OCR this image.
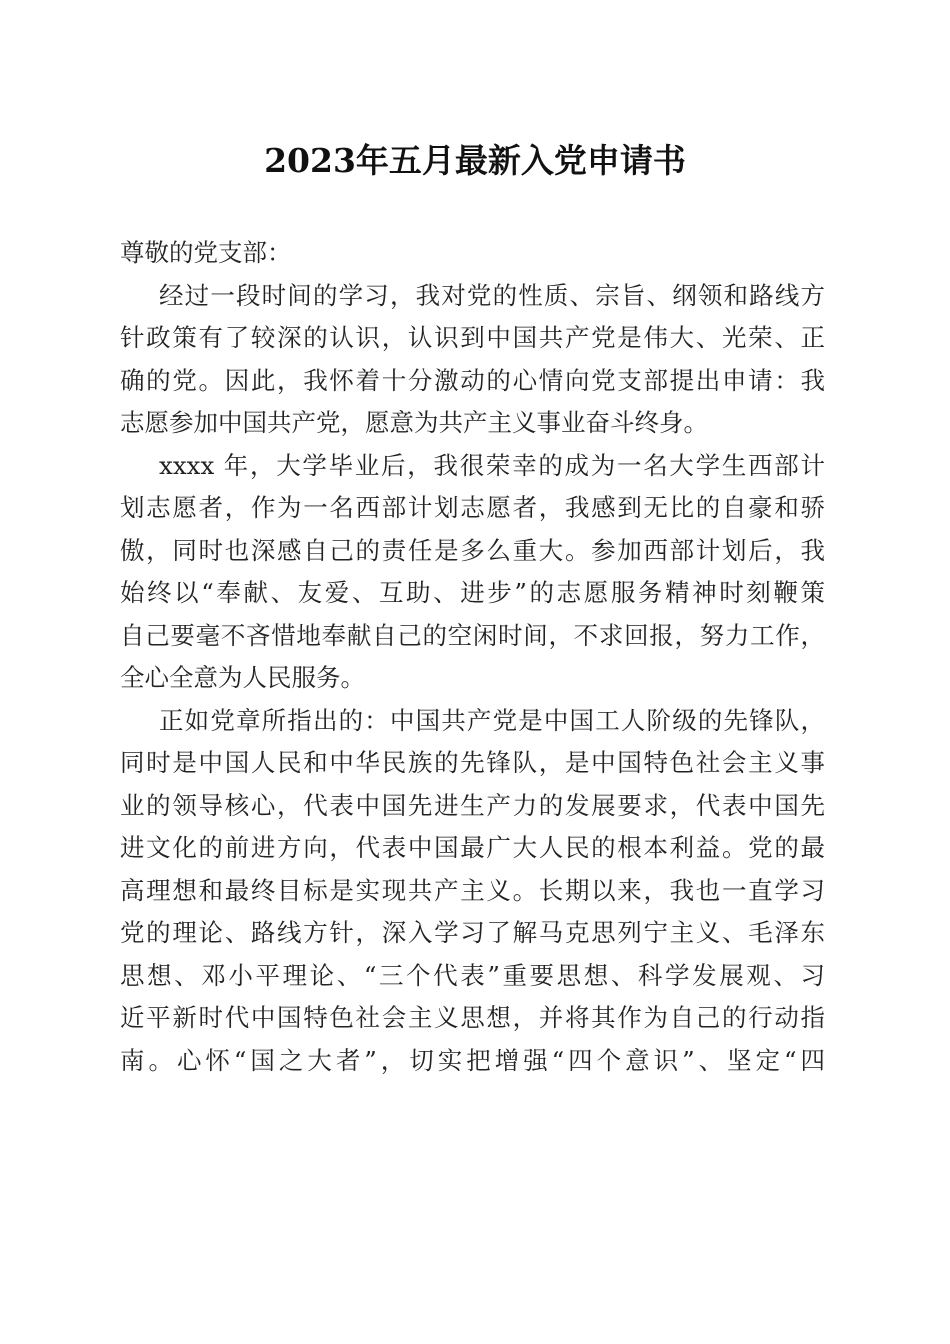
2023年五月最新入党申请书
尊敬的党支部：
经过一段时间的学习，我对党的性质、宗旨、纲领和路线方
针政策有了较深的认识，认识到中国共产党是伟大、光荣、正
确的党。因此，我怀着十分激动的心情向党支部提出申请：我
志愿参加中国共产党，愿意为共产主义事业奋斗终身。
xxxx 年，大学毕业后，我很荣幸的成为一名大学生西部计
划志愿者，作为一名西部计划志愿者，我感到无比的自豪和骄
傲，同时也深感自己的责任是多么重大。参加西部计划后，我
始终以“奉献、友爱、互助、进步”的志愿服务精神时刻鞭策
自己要毫不吝惜地奉献自己的空闲时间，不求回报，努力工作，
全心全意为人民服务。
正如党章所指出的：中国共产党是中国工人阶级的先锋队，
同时是中国人民和中华民族的先锋队，是中国特色社会主义事
业的领导核心，代表中国先进生产力的发展要求，代表中国先
进文化的前进方向，代表中国最广大人民的根本利益。党的最
高理想和最终目标是实现共产主义。长期以来，我也一直学习
党的理论、路线方针，深入学习了解马克思列宁主义、毛泽东
思想、邓小平理论、“三个代表”重要思想、科学发展观、习
近平新时代中国特色社会主义思想，并将其作为自己的行动指
南。心怀“国之大者”，切实把增强“四个意识”、坚定“四
